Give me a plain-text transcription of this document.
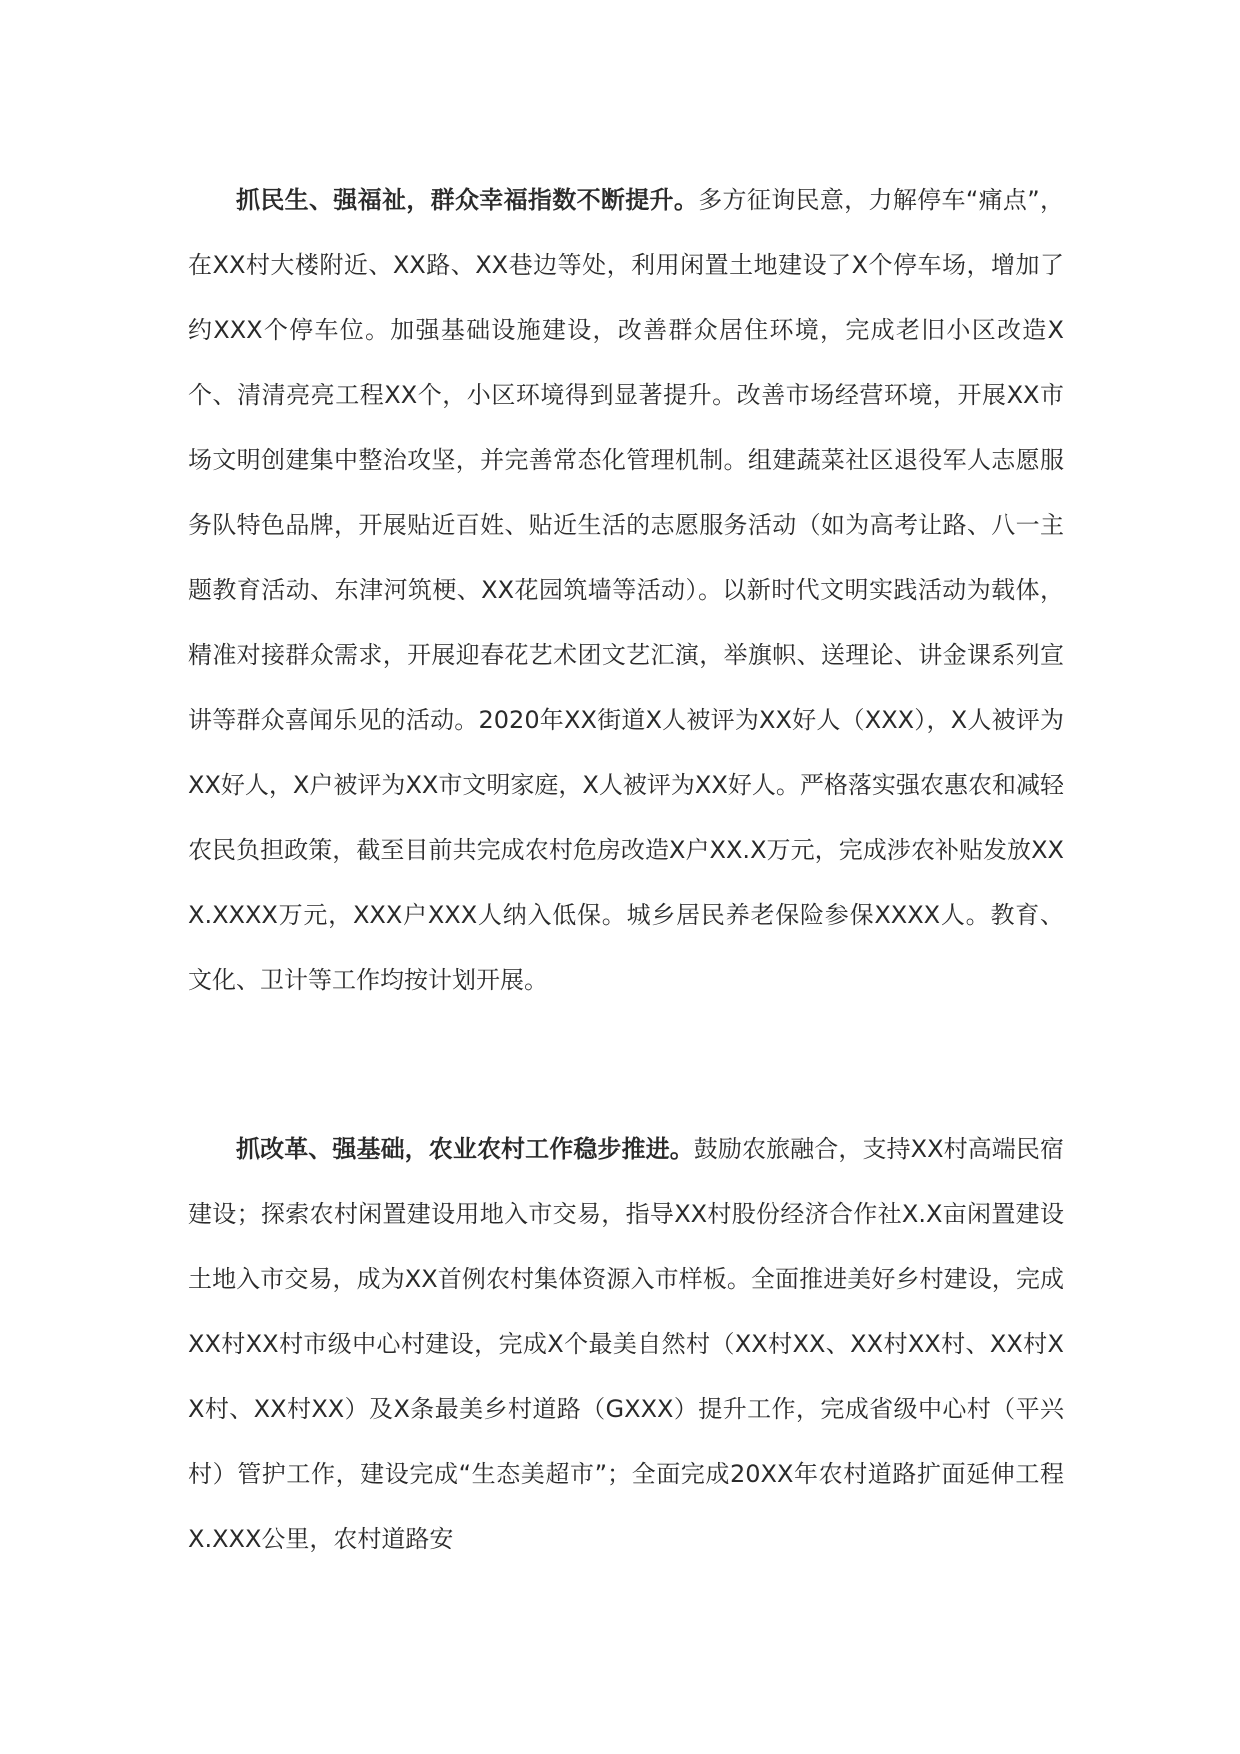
抓民生、强福祉，群众幸福指数不断提升。多方征询民意，力解停车“痛点”，在XX村大楼附近、XX路、XX巷边等处，利用闲置土地建设了X个停车场，增加了约XXX个停车位。加强基础设施建设，改善群众居住环境，完成老旧小区改造X个、清清亮亮工程XX个，小区环境得到显著提升。改善市场经营环境，开展XX市场文明创建集中整治攻坚，并完善常态化管理机制。组建蔬菜社区退役军人志愿服务队特色品牌，开展贴近百姓、贴近生活的志愿服务活动（如为高考让路、八一主题教育活动、东津河筑梗、XX花园筑墙等活动）。以新时代文明实践活动为载体，精准对接群众需求，开展迎春花艺术团文艺汇演，举旗帜、送理论、讲金课系列宣讲等群众喜闻乐见的活动。2020年XX街道X人被评为XX好人（XXX），X人被评为XX好人，X户被评为XX市文明家庭，X人被评为XX好人。严格落实强农惠农和减轻农民负担政策，截至目前共完成农村危房改造X户XX.X万元，完成涉农补贴发放XXX.XXXX万元，XXX户XXX人纳入低保。城乡居民养老保险参保XXXX人。教育、文化、卫计等工作均按计划开展。

抓改革、强基础，农业农村工作稳步推进。鼓励农旅融合，支持XX村高端民宿建设；探索农村闲置建设用地入市交易，指导XX村股份经济合作社X.X亩闲置建设土地入市交易，成为XX首例农村集体资源入市样板。全面推进美好乡村建设，完成XX村XX村市级中心村建设，完成X个最美自然村（XX村XX、XX村XX村、XX村XX村、XX村XX）及X条最美乡村道路（GXXX）提升工作，完成省级中心村（平兴村）管护工作，建设完成“生态美超市”；全面完成20XX年农村道路扩面延伸工程X.XXX公里，农村道路安
